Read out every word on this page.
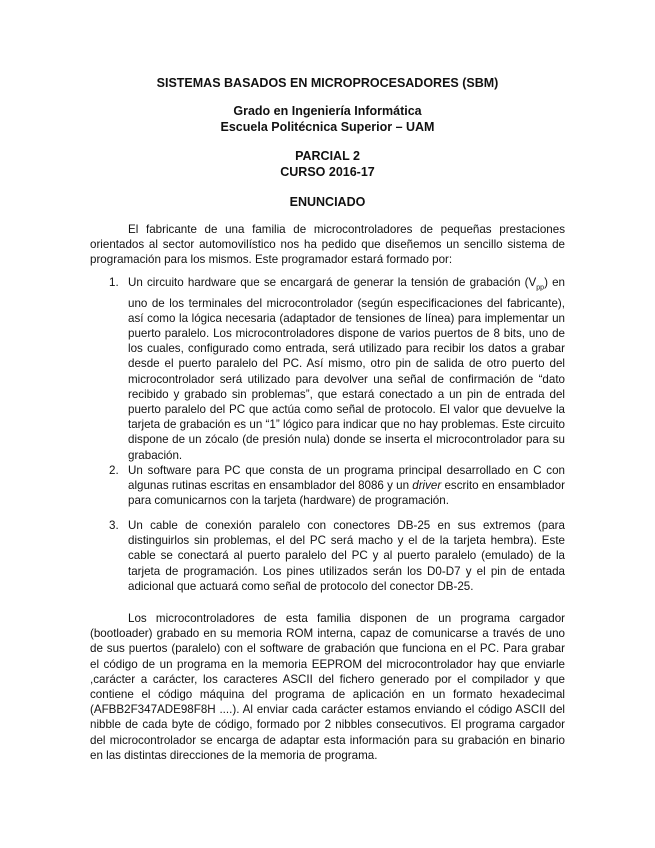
SISTEMAS BASADOS EN MICROPROCESADORES (SBM)

Grado en Ingeniería Informática

Escuela Politécnica Superior – UAM

PARCIAL 2

CURSO 2016-17

ENUNCIADO

El fabricante de una familia de microcontroladores de pequeñas prestaciones orientados al sector automovilístico nos ha pedido que diseñemos un sencillo sistema de programación para los mismos. Este programador estará formado por:

1. Un circuito hardware que se encargará de generar la tensión de grabación $(V_{pp})$ en uno de los terminales del microcontrolador (según especificaciones del fabricante), así como la lógica necesaria (adaptador de tensiones de línea) para implementar un puerto paralelo. Los microcontroladores dispone de varios puertos de 8 bits, uno de los cuales, configurado como entrada, será utilizado para recibir los datos a grabar desde el puerto paralelo del PC. Así mismo, otro pin de salida de otro puerto del microcontrolador será utilizado para devolver una señal de confirmación de “dato recibido y grabado sin problemas”, que estará conectado a un pin de entrada del puerto paralelo del PC que actúa como señal de protocolo. El valor que devuelve la tarjeta de grabación es un “1” lógico para indicar que no hay problemas. Este circuito dispone de un zócalo (de presión nula) donde se inserta el microcontrolador para su grabación.
2. Un software para PC que consta de un programa principal desarrollado en C con algunas rutinas escritas en ensamblador del 8086 y un driver escrito en ensamblador para comunicarnos con la tarjeta (hardware) de programación.
3. Un cable de conexión paralelo con conectores DB-25 en sus extremos (para distinguirlos sin problemas, el del PC será macho y el de la tarjeta hembra). Este cable se conectará al puerto paralelo del PC y al puerto paralelo (emulado) de la tarjeta de programación. Los pines utilizados serán los D0-D7 y el pin de entada adicional que actuará como señal de protocolo del conector DB-25.

Los microcontroladores de esta familia disponen de un programa cargador (bootloader) grabado en su memoria ROM interna, capaz de comunicarse a través de uno de sus puertos (paralelo) con el software de grabación que funciona en el PC. Para grabar el código de un programa en la memoria EEPROM del microcontrolador hay que enviarle ,carácter a carácter, los caracteres ASCII del fichero generado por el compilador y que contiene el código máquina del programa de aplicación en un formato hexadecimal (AFBB2F347ADE98F8H ....). Al enviar cada carácter estamos enviando el código ASCII del nibble de cada byte de código, formado por 2 nibbles consecutivos. El programa cargador del microcontrolador se encarga de adaptar esta información para su grabación en binario en las distintas direcciones de la memoria de programa.
